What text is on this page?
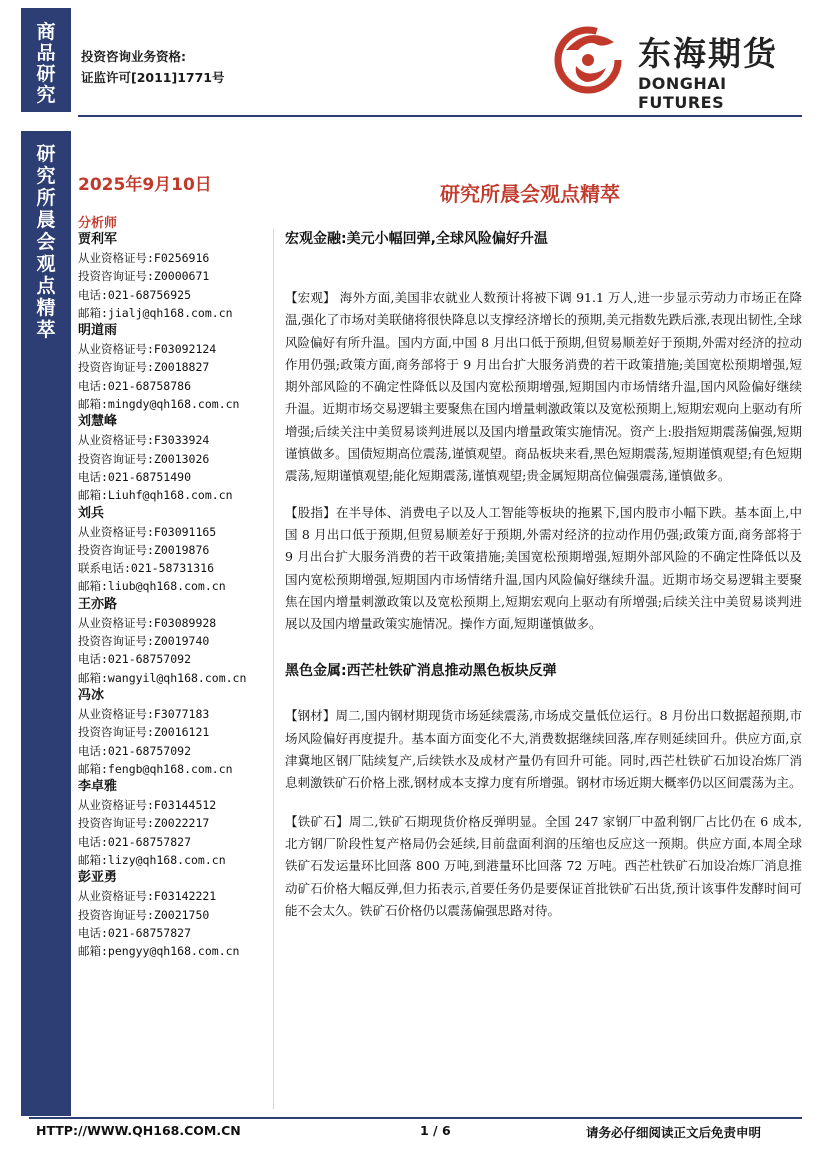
商品研究
研究所晨会观点精萃
投资咨询业务资格:
证监许可[2011]1771号
东海期货
DONGHAI FUTURES
2025年9月10日	研究所晨会观点精萃
分析师
贾利军
从业资格证号:F0256916
投资咨询证号:Z0000671
电话:021-68756925
邮箱:jialj@qh168.com.cn
明道雨
从业资格证号:F03092124
投资咨询证号:Z0018827
电话:021-68758786
邮箱:mingdy@qh168.com.cn
刘慧峰
从业资格证号:F3033924
投资咨询证号:Z0013026
电话:021-68751490
邮箱:Liuhf@qh168.com.cn
刘兵
从业资格证号:F03091165
投资咨询证号:Z0019876
联系电话:021-58731316
邮箱:liub@qh168.com.cn
王亦路
从业资格证号:F03089928
投资咨询证号:Z0019740
电话:021-68757092
邮箱:wangyil@qh168.com.cn
冯冰
从业资格证号:F3077183
投资咨询证号:Z0016121
电话:021-68757092
邮箱:fengb@qh168.com.cn
李卓雅
从业资格证号:F03144512
投资咨询证号:Z0022217
电话:021-68757827
邮箱:lizy@qh168.com.cn
彭亚勇
从业资格证号:F03142221
投资咨询证号:Z0021750
电话:021-68757827
邮箱:pengyy@qh168.com.cn
宏观金融:美元小幅回弹,全球风险偏好升温

【宏观】 海外方面,美国非农就业人数预计将被下调 91.1 万人,进一步显示劳动力市场正在降温,强化了市场对美联储将很快降息以支撑经济增长的预期,美元指数先跌后涨,表现出韧性,全球风险偏好有所升温。国内方面,中国 8 月出口低于预期,但贸易顺差好于预期,外需对经济的拉动作用仍强;政策方面,商务部将于 9 月出台扩大服务消费的若干政策措施;美国宽松预期增强,短期外部风险的不确定性降低以及国内宽松预期增强,短期国内市场情绪升温,国内风险偏好继续升温。近期市场交易逻辑主要聚焦在国内增量刺激政策以及宽松预期上,短期宏观向上驱动有所增强;后续关注中美贸易谈判进展以及国内增量政策实施情况。资产上:股指短期震荡偏强,短期谨慎做多。国债短期高位震荡,谨慎观望。商品板块来看,黑色短期震荡,短期谨慎观望;有色短期震荡,短期谨慎观望;能化短期震荡,谨慎观望;贵金属短期高位偏强震荡,谨慎做多。

【股指】在半导体、消费电子以及人工智能等板块的拖累下,国内股市小幅下跌。基本面上,中国 8 月出口低于预期,但贸易顺差好于预期,外需对经济的拉动作用仍强;政策方面,商务部将于 9 月出台扩大服务消费的若干政策措施;美国宽松预期增强,短期外部风险的不确定性降低以及国内宽松预期增强,短期国内市场情绪升温,国内风险偏好继续升温。近期市场交易逻辑主要聚焦在国内增量刺激政策以及宽松预期上,短期宏观向上驱动有所增强;后续关注中美贸易谈判进展以及国内增量政策实施情况。操作方面,短期谨慎做多。

黑色金属:西芒杜铁矿消息推动黑色板块反弹

【钢材】周二,国内钢材期现货市场延续震荡,市场成交量低位运行。8 月份出口数据超预期,市场风险偏好再度提升。基本面方面变化不大,消费数据继续回落,库存则延续回升。供应方面,京津冀地区钢厂陆续复产,后续铁水及成材产量仍有回升可能。同时,西芒杜铁矿石加设冶炼厂消息刺激铁矿石价格上涨,钢材成本支撑力度有所增强。钢材市场近期大概率仍以区间震荡为主。

【铁矿石】周二,铁矿石期现货价格反弹明显。全国 247 家钢厂中盈利钢厂占比仍在 6 成本,北方钢厂阶段性复产格局仍会延续,目前盘面利润的压缩也反应这一预期。供应方面,本周全球铁矿石发运量环比回落 800 万吨,到港量环比回落 72 万吨。西芒杜铁矿石加设冶炼厂消息推动矿石价格大幅反弹,但力拓表示,首要任务仍是要保证首批铁矿石出货,预计该事件发酵时间可能不会太久。铁矿石价格仍以震荡偏强思路对待。

HTTP://WWW.QH168.COM.CN	1 / 6	请务必仔细阅读正文后免责申明
